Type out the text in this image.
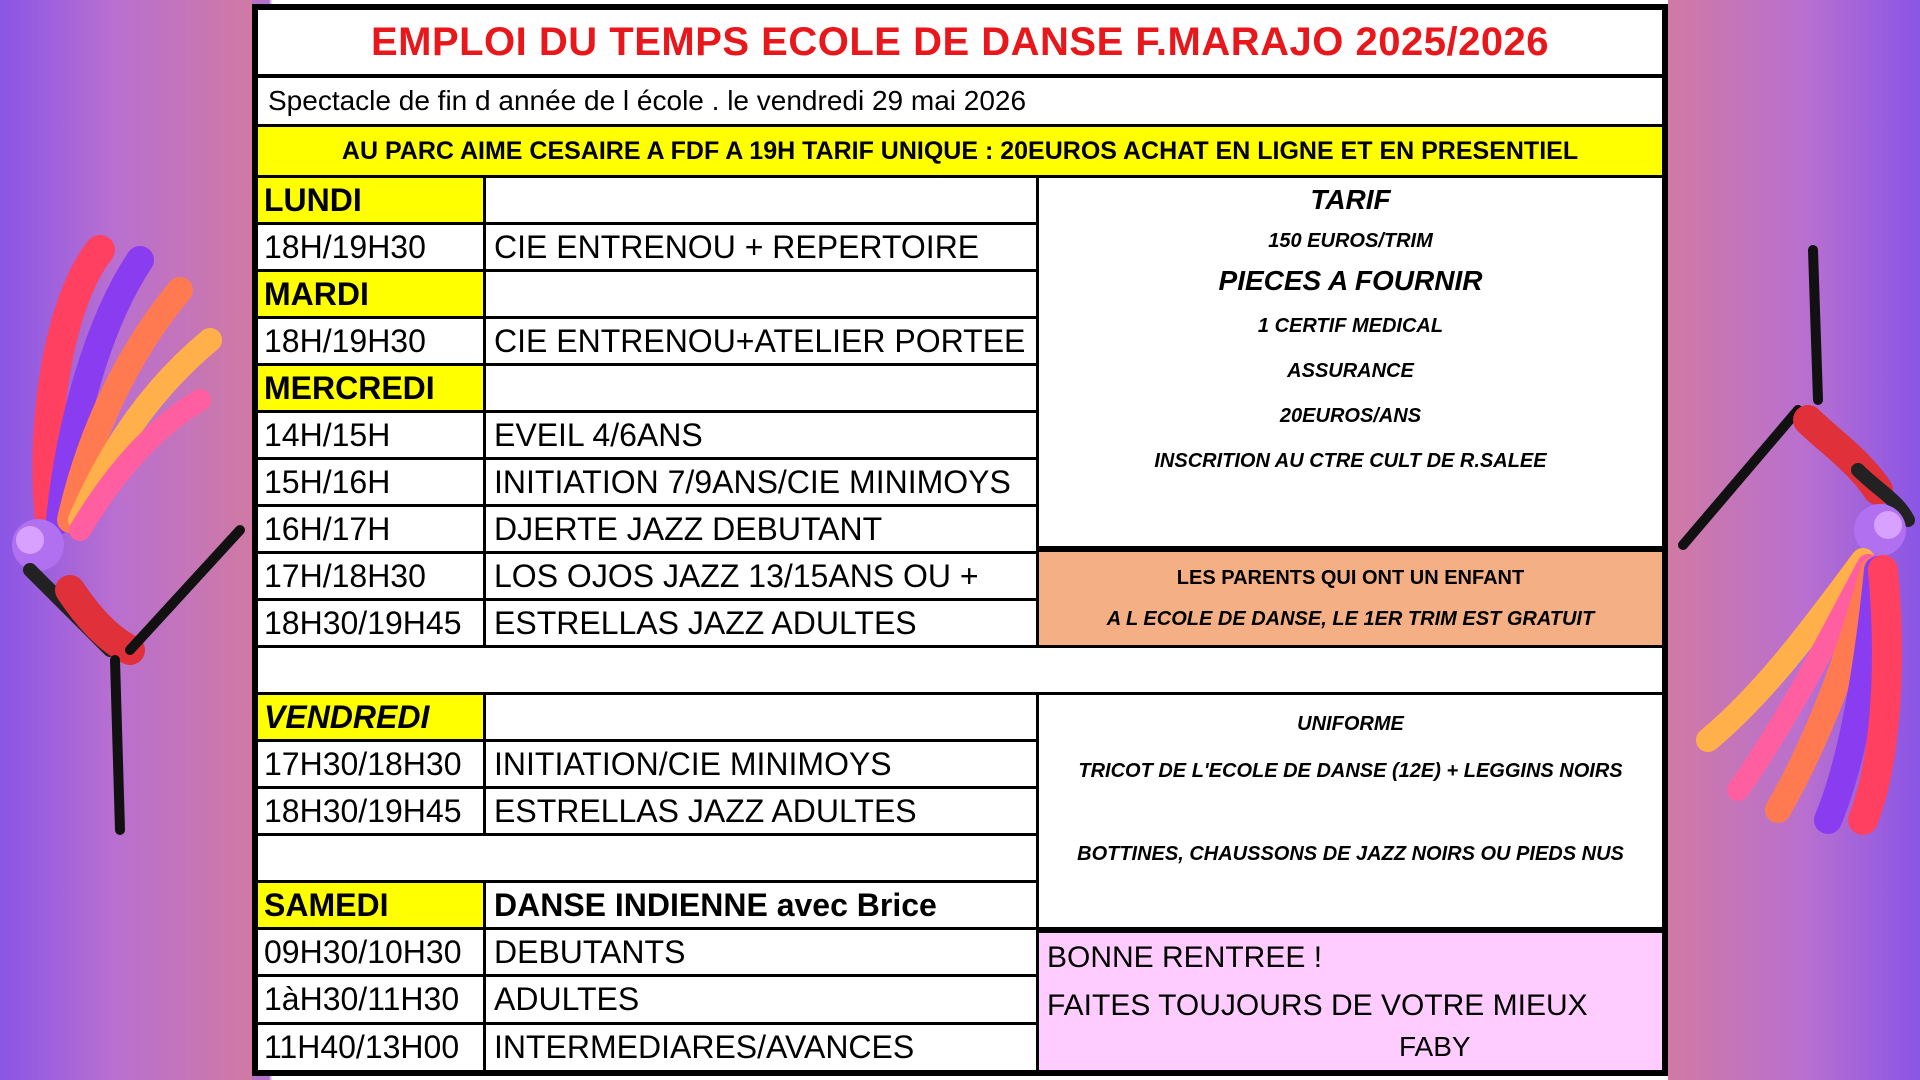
EMPLOI DU TEMPS ECOLE DE DANSE F.MARAJO 2025/2026
Spectacle de fin d année de l école . le vendredi 29 mai 2026
AU PARC AIME CESAIRE A FDF A 19H TARIF UNIQUE : 20EUROS ACHAT EN LIGNE ET EN PRESENTIEL
LUNDI
18H/19H30	CIE ENTRENOU + REPERTOIRE
MARDI
18H/19H30	CIE ENTRENOU+ATELIER PORTEE
MERCREDI
14H/15H	EVEIL 4/6ANS
15H/16H	INITIATION 7/9ANS/CIE MINIMOYS
16H/17H	DJERTE JAZZ DEBUTANT
17H/18H30	LOS OJOS JAZZ 13/15ANS OU +
18H30/19H45	ESTRELLAS JAZZ ADULTES
VENDREDI
17H30/18H30	INITIATION/CIE MINIMOYS
18H30/19H45	ESTRELLAS JAZZ ADULTES
SAMEDI	DANSE INDIENNE avec Brice
09H30/10H30	DEBUTANTS
1àH30/11H30	ADULTES
11H40/13H00	INTERMEDIARES/AVANCES
TARIF
150 EUROS/TRIM
PIECES A FOURNIR
1 CERTIF MEDICAL
ASSURANCE
20EUROS/ANS
INSCRITION AU CTRE CULT DE R.SALEE
LES PARENTS QUI ONT UN ENFANT
A L ECOLE DE DANSE, LE 1ER TRIM EST GRATUIT
UNIFORME
TRICOT DE L'ECOLE DE DANSE (12E) + LEGGINS NOIRS
BOTTINES, CHAUSSONS DE JAZZ NOIRS OU PIEDS NUS
BONNE RENTREE !
FAITES TOUJOURS DE VOTRE MIEUX
FABY
